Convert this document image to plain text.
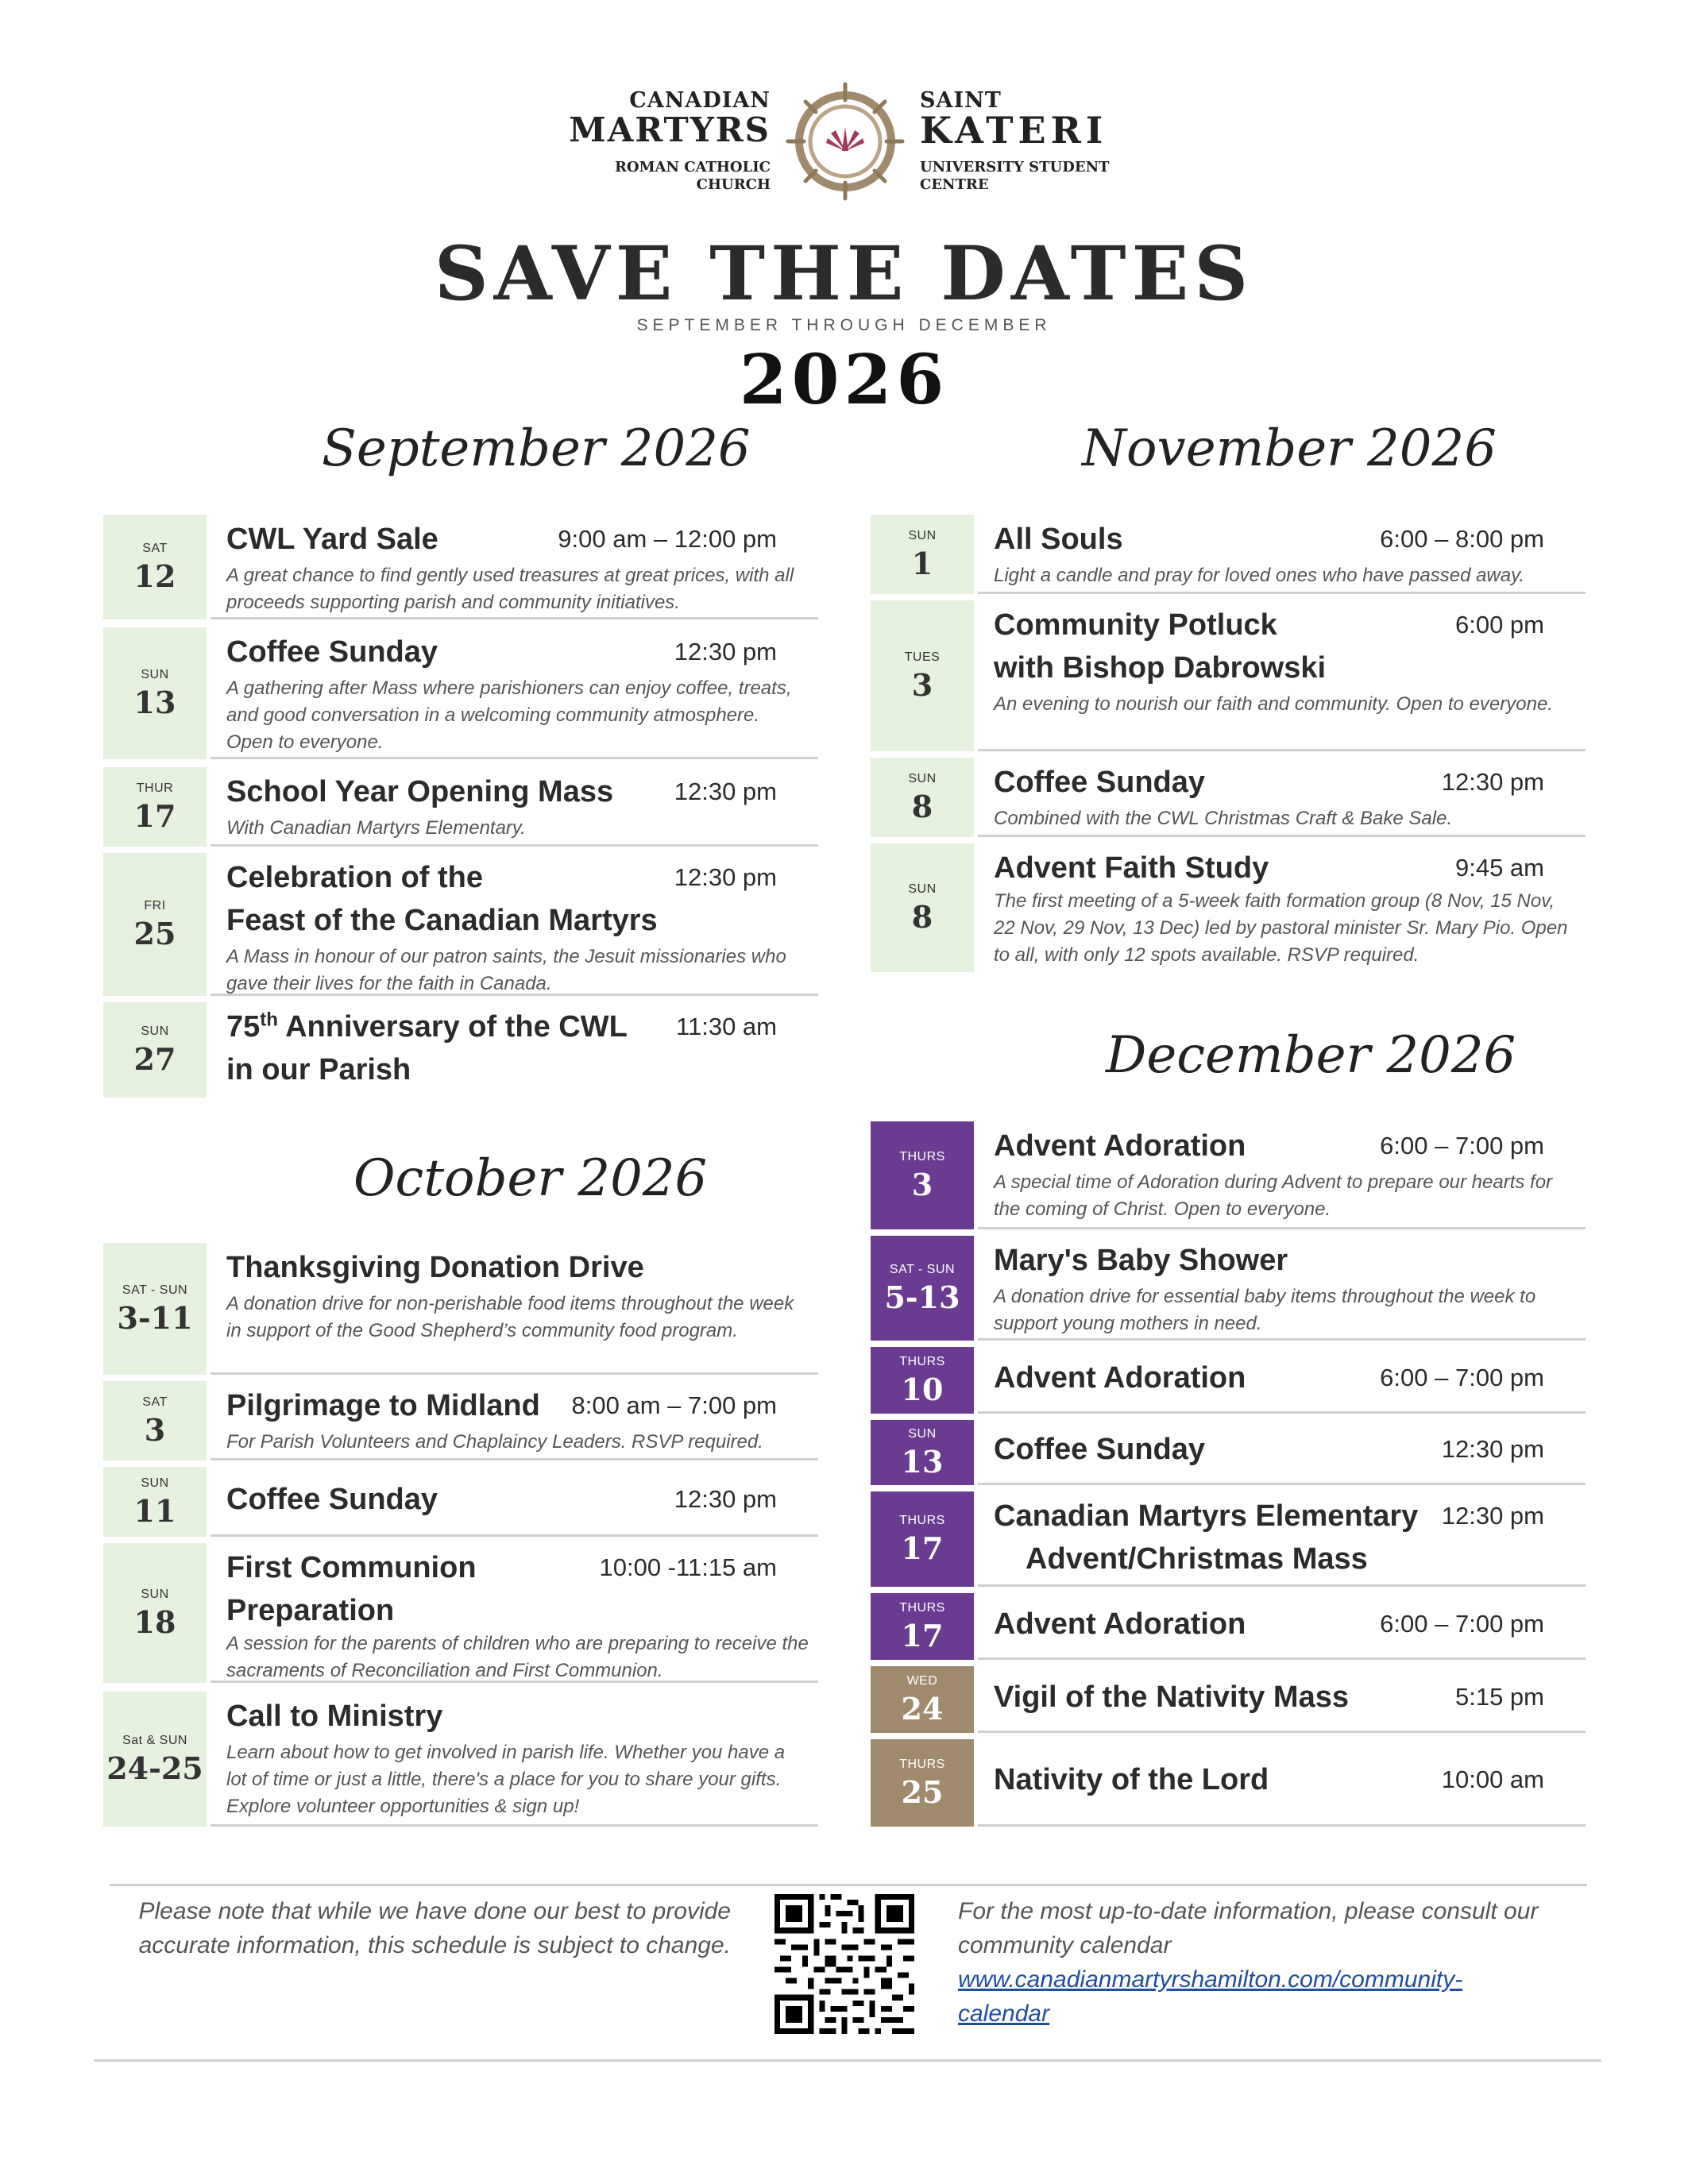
CANADIAN
MARTYRS
ROMAN CATHOLIC
CHURCH
SAINT
KATERI
UNIVERSITY STUDENT
CENTRE
SAVE THE DATES
SEPTEMBER THROUGH DECEMBER
2026
September 2026
SAT
12
CWL Yard Sale	9:00 am – 12:00 pm
A great chance to find gently used treasures at great prices, with all proceeds supporting parish and community initiatives.
SUN
13
Coffee Sunday	12:30 pm
A gathering after Mass where parishioners can enjoy coffee, treats, and good conversation in a welcoming community atmosphere. Open to everyone.
THUR
17
School Year Opening Mass 12:30 pm
With Canadian Martyrs Elementary.
FRI
25
Celebration of the
Feast of the Canadian Martyrs
12:30 pm
A Mass in honour of our patron saints, the Jesuit missionaries who gave their lives for the faith in Canada.
SUN
27
75th Anniversary of the CWL
in our Parish
11:30 am
October 2026
SAT - SUN
3-11
Thanksgiving Donation Drive
A donation drive for non-perishable food items throughout the week in support of the Good Shepherd’s community food program.
SAT
3
Pilgrimage to Midland 8:00 am – 7:00 pm
For Parish Volunteers and Chaplaincy Leaders. RSVP required.
SUN
11 Coffee Sunday	12:30 pm
SUN
18
First Communion
Preparation
10:00 -11:15 am
A session for the parents of children who are preparing to receive the sacraments of Reconciliation and First Communion.
Sat & SUN
24-25
Call to Ministry
Learn about how to get involved in parish life. Whether you have a lot of time or just a little, there's a place for you to share your gifts. Explore volunteer opportunities & sign up!
November 2026
SUN
1
All Souls	6:00 – 8:00 pm
Light a candle and pray for loved ones who have passed away.
TUES
3
Community Potluck
with Bishop Dabrowski
6:00 pm
An evening to nourish our faith and community. Open to everyone.
SUN
8
Coffee Sunday	12:30 pm
Combined with the CWL Christmas Craft & Bake Sale.
SUN
8
Advent Faith Study	9:45 am
The first meeting of a 5-week faith formation group (8 Nov, 15 Nov, 22 Nov, 29 Nov, 13 Dec) led by pastoral minister Sr. Mary Pio. Open to all, with only 12 spots available. RSVP required.
December 2026
THURS
3
Advent Adoration	6:00 – 7:00 pm
A special time of Adoration during Advent to prepare our hearts for the coming of Christ. Open to everyone.
SAT - SUN
5-13
Mary's Baby Shower
A donation drive for essential baby items throughout the week to support young mothers in need.
THURS
10 Advent Adoration	6:00 – 7:00 pm
SUN
13 Coffee Sunday	12:30 pm
THURS
17
Canadian Martyrs Elementary
Advent/Christmas Mass
12:30 pm
THURS
17 Advent Adoration	6:00 – 7:00 pm
WED
24 Vigil of the Nativity Mass	5:15 pm
THURS
25 Nativity of the Lord	10:00 am
Please note that while we have done our best to provide accurate information, this schedule is subject to change.
For the most up-to-date information, please consult our community calendar
www.canadianmartyrshamilton.com/community-
calendar
